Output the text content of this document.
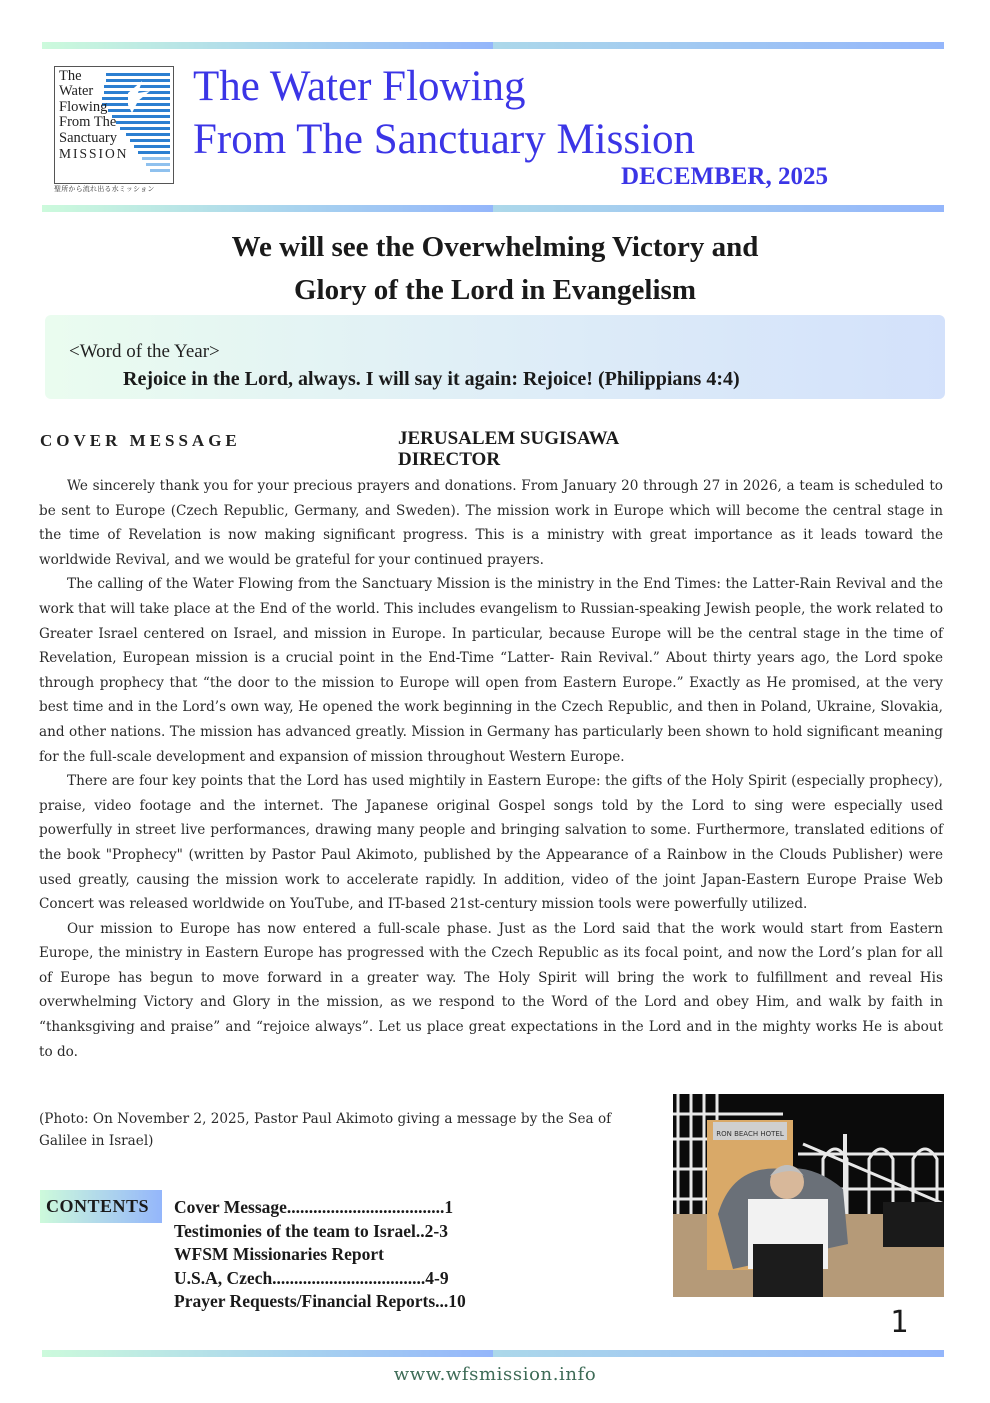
The
Water
Flowing
From The
Sanctuary
MISSION
聖所から流れ出る水ミッション
The Water Flowing
From The Sanctuary Mission
DECEMBER, 2025
We will see the Overwhelming Victory and
Glory of the Lord in Evangelism
<Word of the Year>
Rejoice in the Lord, always. I will say it again: Rejoice! (Philippians 4:4)
COVER MESSAGE	JERUSALEM SUGISAWA
DIRECTOR

We sincerely thank you for your precious prayers and donations. From January 20 through 27 in 2026, a team is scheduled to be sent to Europe (Czech Republic, Germany, and Sweden). The mission work in Europe which will become the central stage in the time of Revelation is now making significant progress. This is a ministry with great importance as it leads toward the worldwide Revival, and we would be grateful for your continued prayers.

The calling of the Water Flowing from the Sanctuary Mission is the ministry in the End Times: the Latter-Rain Revival and the work that will take place at the End of the world. This includes evangelism to Russian-speaking Jewish people, the work related to Greater Israel centered on Israel, and mission in Europe. In particular, because Europe will be the central stage in the time of Revelation, European mission is a crucial point in the End-Time “Latter- Rain Revival.” About thirty years ago, the Lord spoke through prophecy that “the door to the mission to Europe will open from Eastern Europe.” Exactly as He promised, at the very best time and in the Lord’s own way, He opened the work beginning in the Czech Republic, and then in Poland, Ukraine, Slovakia, and other nations. The mission has advanced greatly. Mission in Germany has particularly been shown to hold significant meaning for the full-scale development and expansion of mission throughout Western Europe.

There are four key points that the Lord has used mightily in Eastern Europe: the gifts of the Holy Spirit (especially prophecy), praise, video footage and the internet. The Japanese original Gospel songs told by the Lord to sing were especially used powerfully in street live performances, drawing many people and bringing salvation to some. Furthermore, translated editions of the book "Prophecy" (written by Pastor Paul Akimoto, published by the Appearance of a Rainbow in the Clouds Publisher) were used greatly, causing the mission work to accelerate rapidly. In addition, video of the joint Japan-Eastern Europe Praise Web Concert was released worldwide on YouTube, and IT-based 21st-century mission tools were powerfully utilized.

Our mission to Europe has now entered a full-scale phase. Just as the Lord said that the work would start from Eastern Europe, the ministry in Eastern Europe has progressed with the Czech Republic as its focal point, and now the Lord’s plan for all of Europe has begun to move forward in a greater way. The Holy Spirit will bring the work to fulfillment and reveal His overwhelming Victory and Glory in the mission, as we respond to the Word of the Lord and obey Him, and walk by faith in “thanksgiving and praise” and “rejoice always”. Let us place great expectations in the Lord and in the mighty works He is about to do.

(Photo: On November 2, 2025, Pastor Paul Akimoto giving a message by the Sea of Galilee in Israel)	RON BEACH HOTEL
CONTENTS	Cover Message....................................1
Testimonies of the team to Israel..2-3
WFSM Missionaries Report
U.S.A, Czech...................................4-9
Prayer Requests/Financial Reports...10
1
www.wfsmission.info
